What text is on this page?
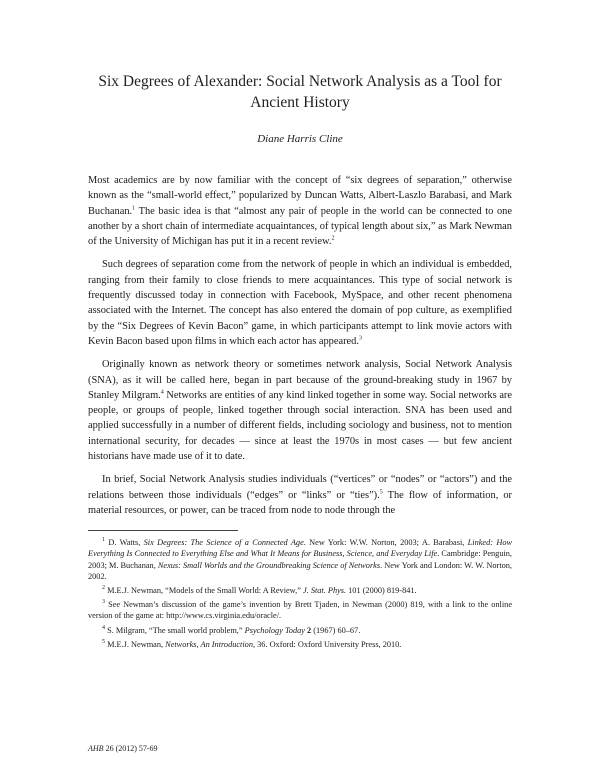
Six Degrees of Alexander: Social Network Analysis as a Tool for Ancient History
Diane Harris Cline

Most academics are by now familiar with the concept of “six degrees of separation,” otherwise known as the “small-world effect,” popularized by Duncan Watts, Albert-Laszlo Barabasi, and Mark Buchanan.$^1$ The basic idea is that “almost any pair of people in the world can be connected to one another by a short chain of intermediate acquaintances, of typical length about six,” as Mark Newman of the University of Michigan has put it in a recent review.$^2$

Such degrees of separation come from the network of people in which an individual is embedded, ranging from their family to close friends to mere acquaintances. This type of social network is frequently discussed today in connection with Facebook, MySpace, and other recent phenomena associated with the Internet. The concept has also entered the domain of pop culture, as exemplified by the “Six Degrees of Kevin Bacon” game, in which participants attempt to link movie actors with Kevin Bacon based upon films in which each actor has appeared.$^3$

Originally known as network theory or sometimes network analysis, Social Network Analysis (SNA), as it will be called here, began in part because of the ground-breaking study in 1967 by Stanley Milgram.$^4$ Networks are entities of any kind linked together in some way. Social networks are people, or groups of people, linked together through social interaction. SNA has been used and applied successfully in a number of different fields, including sociology and business, not to mention international security, for decades — since at least the 1970s in most cases — but few ancient historians have made use of it to date.

In brief, Social Network Analysis studies individuals (“vertices” or “nodes” or “actors”) and the relations between those individuals (“edges” or “links” or “ties”).$^5$ The flow of information, or material resources, or power, can be traced from node to node through the

$^1$ D. Watts, Six Degrees: The Science of a Connected Age. New York: W.W. Norton, 2003; A. Barabasi, Linked: How Everything Is Connected to Everything Else and What It Means for Business, Science, and Everyday Life. Cambridge: Penguin, 2003; M. Buchanan, Nexus: Small Worlds and the Groundbreaking Science of Networks. New York and London: W. W. Norton, 2002.

$^2$ M.E.J. Newman, “Models of the Small World: A Review,” J. Stat. Phys. 101 (2000) 819-841.

$^3$ See Newman’s discussion of the game’s invention by Brett Tjaden, in Newman (2000) 819, with a link to the online version of the game at: http://www.cs.virginia.edu/oracle/.

$^4$ S. Milgram, “The small world problem,” Psychology Today 2 (1967) 60–67.

$^5$ M.E.J. Newman, Networks, An Introduction, 36. Oxford: Oxford University Press, 2010.

AHB 26 (2012) 57-69
